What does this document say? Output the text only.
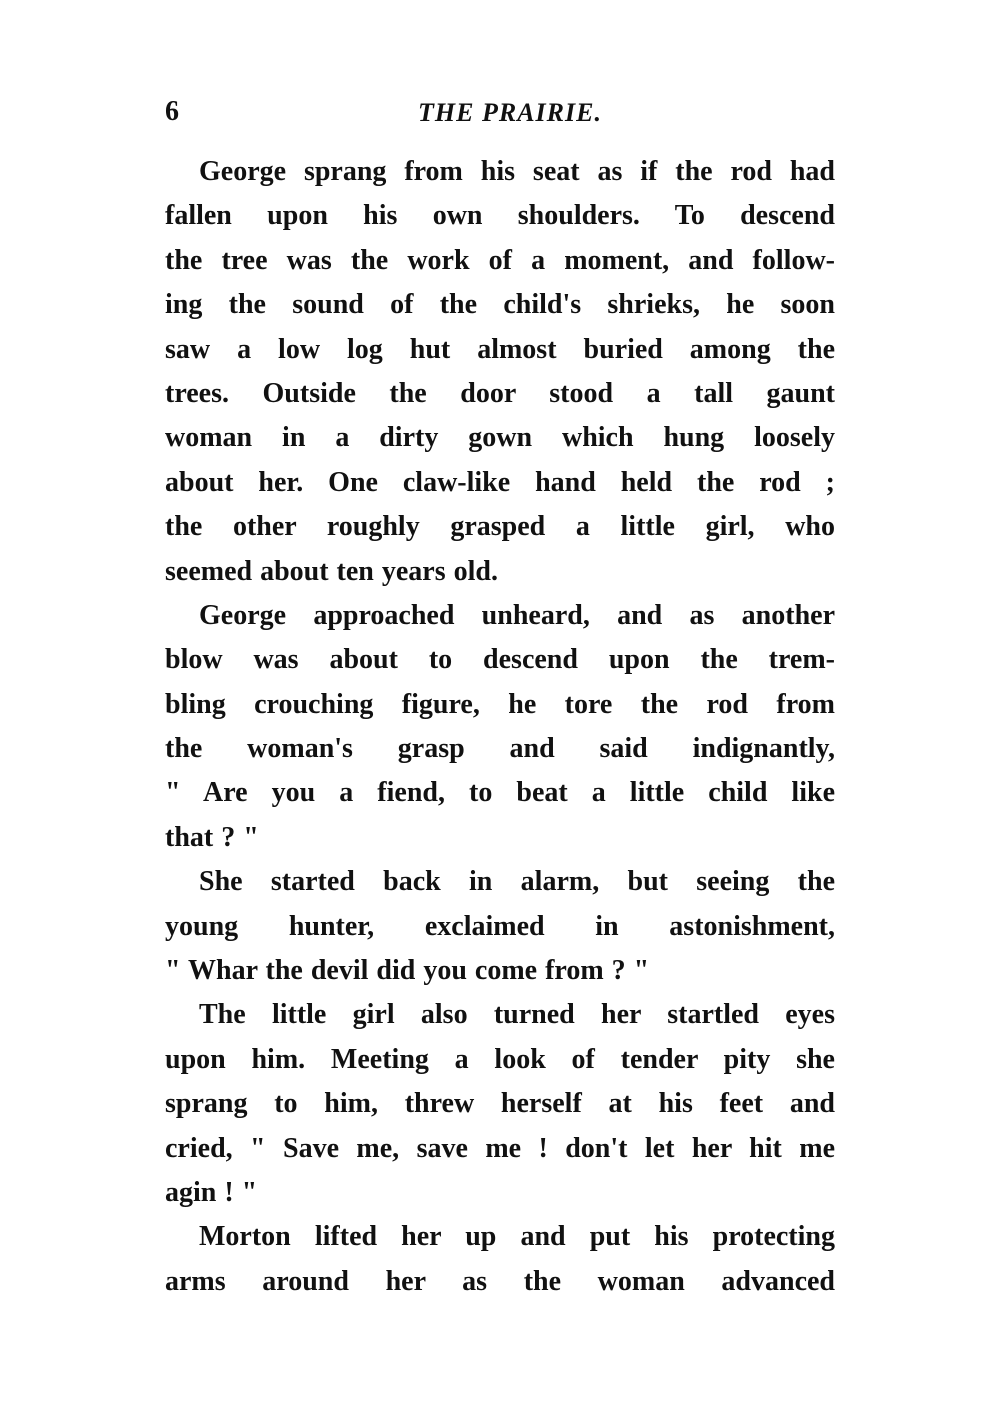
6	THE PRAIRIE.
George sprang from his seat as if the rod had
fallen upon his own shoulders. To descend
the tree was the work of a moment, and follow-
ing the sound of the child's shrieks, he soon
saw a low log hut almost buried among the
trees. Outside the door stood a tall gaunt
woman in a dirty gown which hung loosely
about her. One claw-like hand held the rod ;
the other roughly grasped a little girl, who
seemed about ten years old.
George approached unheard, and as another
blow was about to descend upon the trem-
bling crouching figure, he tore the rod from
the woman's grasp and said indignantly,
" Are you a fiend, to beat a little child like
that ? "
She started back in alarm, but seeing the
young hunter, exclaimed in astonishment,
" Whar the devil did you come from ? "
The little girl also turned her startled eyes
upon him. Meeting a look of tender pity she
sprang to him, threw herself at his feet and
cried, " Save me, save me ! don't let her hit me
agin ! "
Morton lifted her up and put his protecting
arms around her as the woman advanced
